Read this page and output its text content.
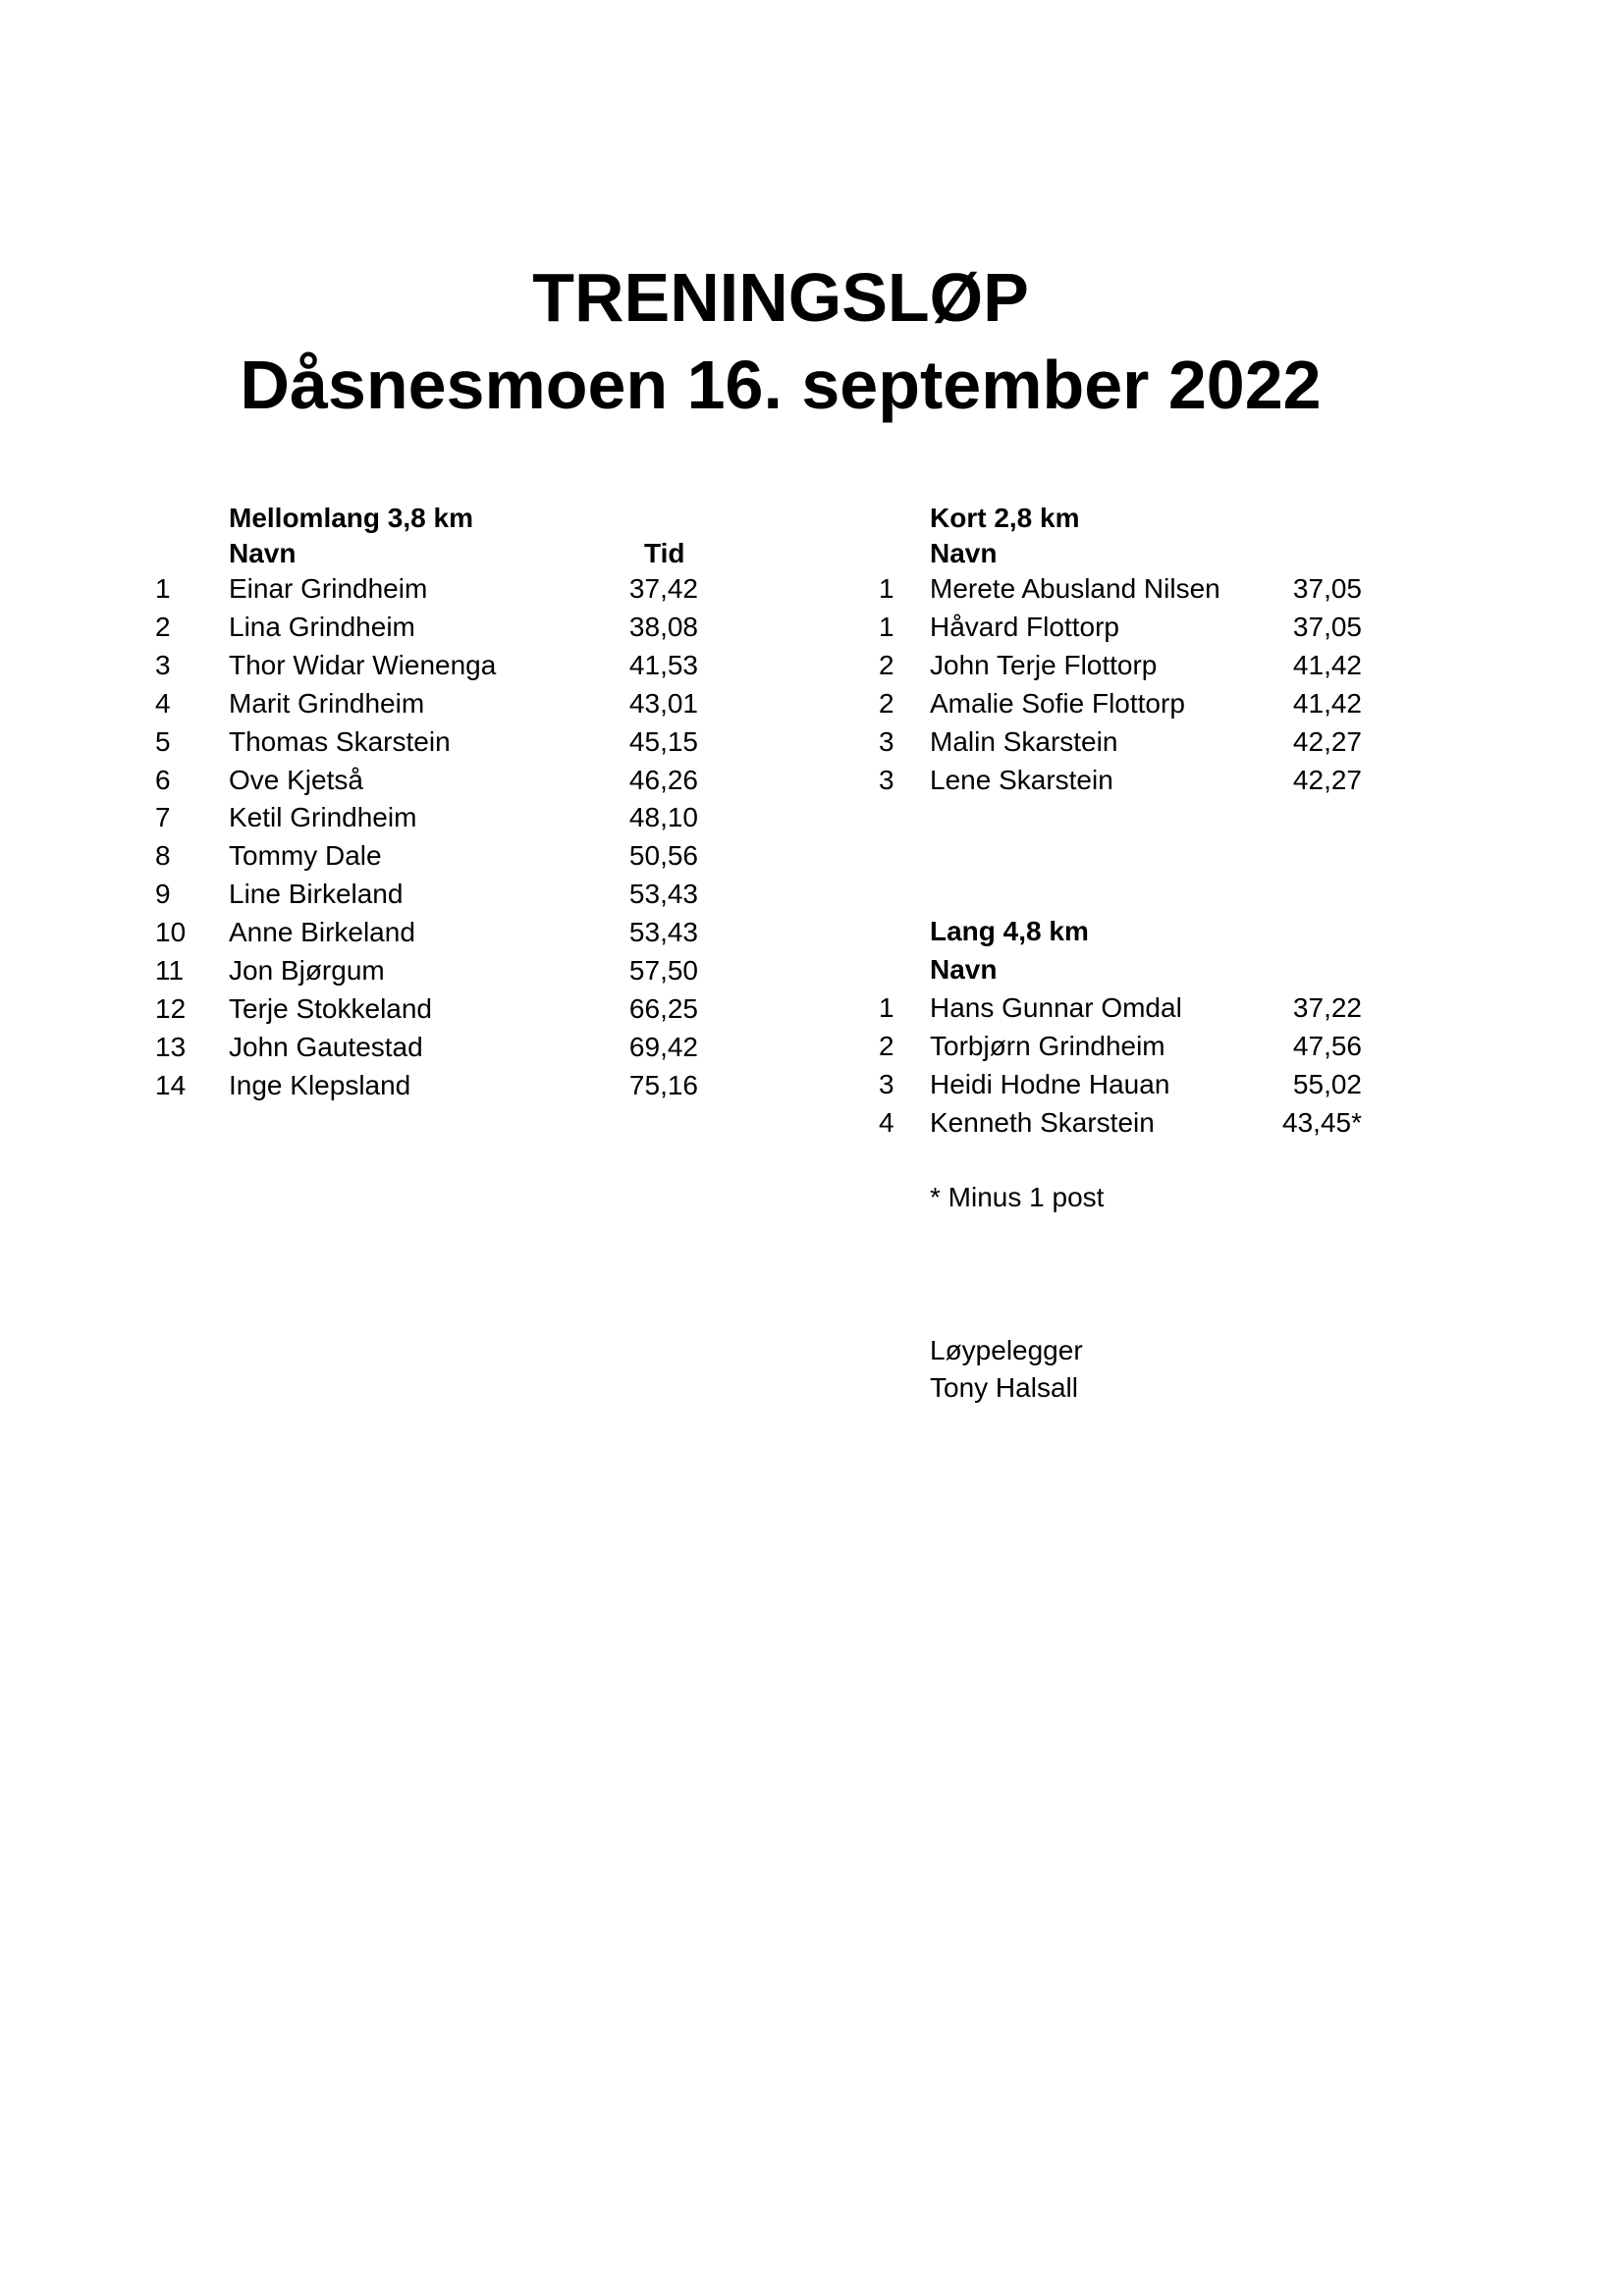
TRENINGSLØP
Dåsnesmoen 16. september 2022
Mellomlang 3,8 km
Navn	Tid
1 Einar Grindheim	37,42
2 Lina Grindheim	38,08
3 Thor Widar Wienenga	41,53
4 Marit Grindheim	43,01
5 Thomas Skarstein	45,15
6 Ove Kjetså	46,26
7 Ketil Grindheim	48,10
8 Tommy Dale	50,56
9 Line Birkeland	53,43
10 Anne Birkeland	53,43
11 Jon Bjørgum	57,50
12 Terje Stokkeland	66,25
13 John Gautestad	69,42
14 Inge Klepsland	75,16
Kort 2,8 km
Navn
1 Merete Abusland Nilsen	37,05
1 Håvard Flottorp	37,05
2 John Terje Flottorp	41,42
2 Amalie Sofie Flottorp	41,42
3 Malin Skarstein	42,27
3 Lene Skarstein	42,27
Lang 4,8 km
Navn
1 Hans Gunnar Omdal	37,22
2 Torbjørn Grindheim	47,56
3 Heidi Hodne Hauan	55,02
4 Kenneth Skarstein	43,45*
* Minus 1 post
Løypelegger
Tony Halsall
